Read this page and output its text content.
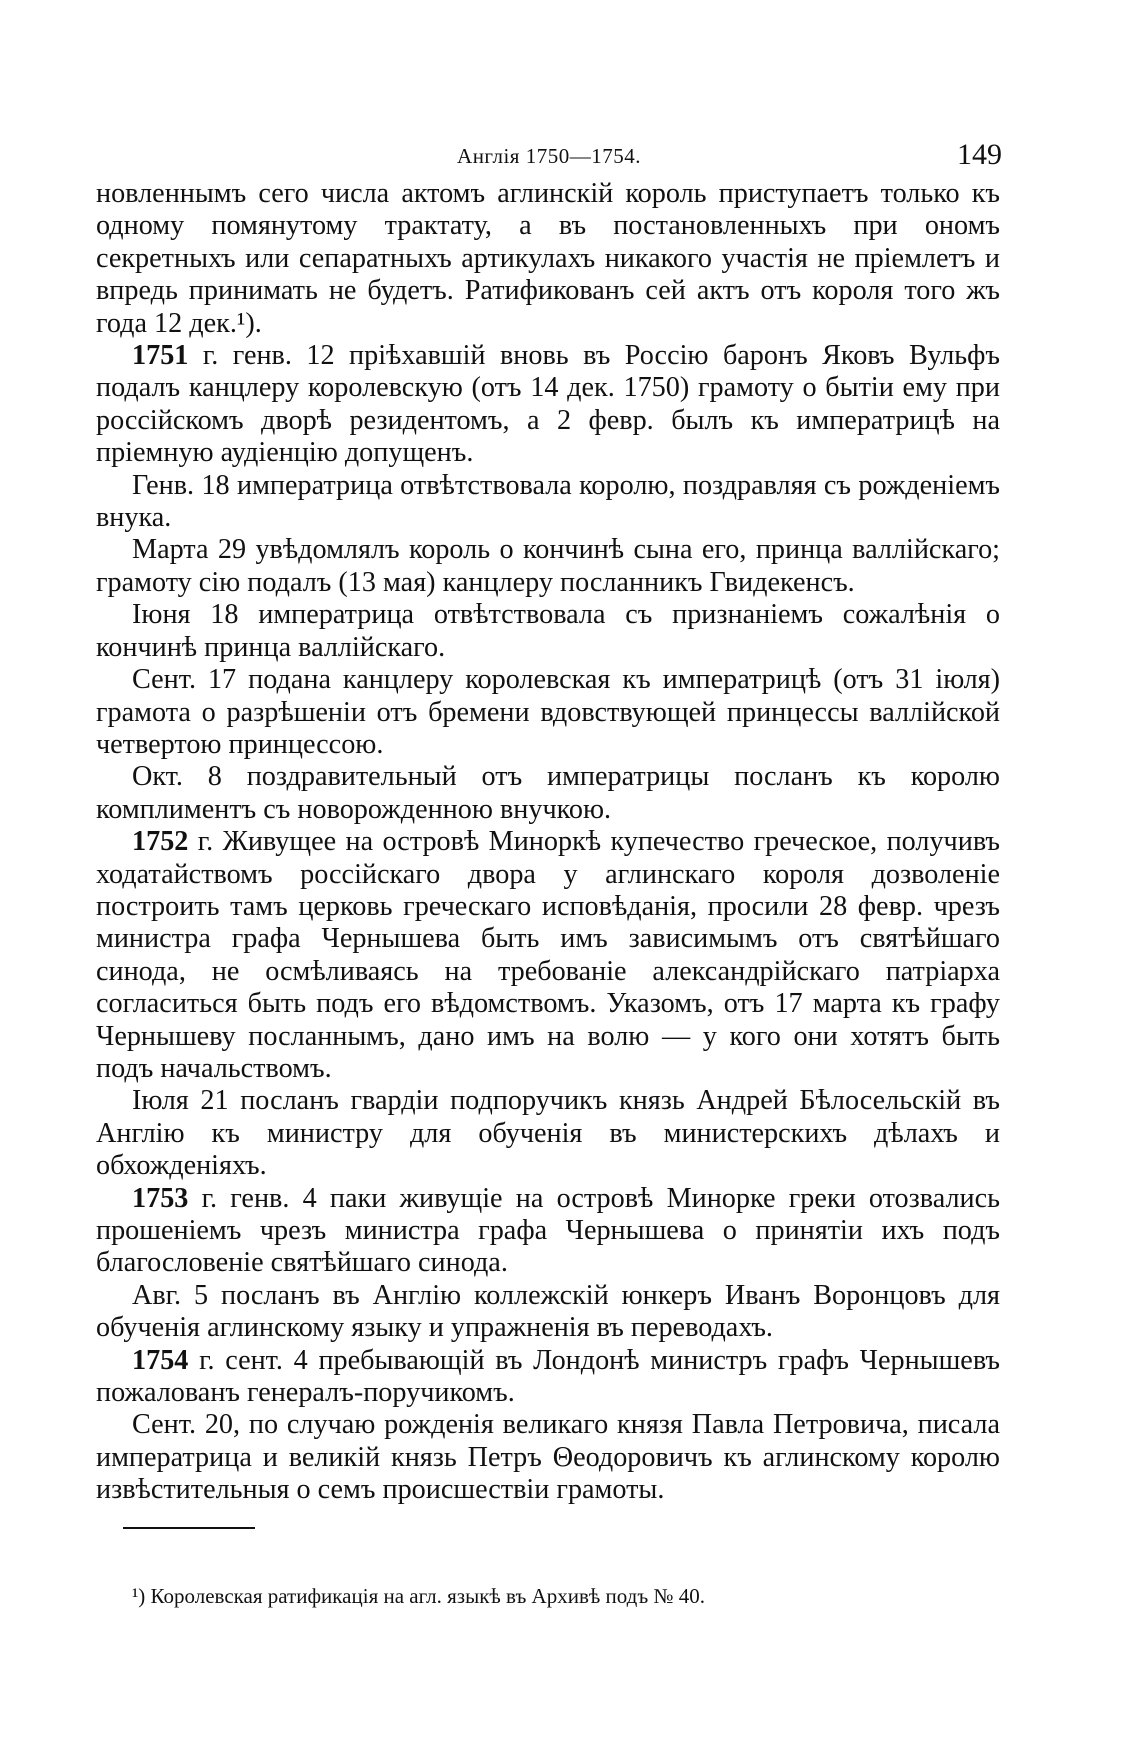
Англія 1750—1754.	149

новленнымъ сего числа актомъ аглинскій король приступаетъ только къ одному помянутому трактату, а въ постановленныхъ при ономъ секретныхъ или сепаратныхъ артикулахъ никакого участія не пріемлетъ и впредь принимать не будетъ. Ратификованъ сей актъ отъ короля того жъ года 12 дек.¹).

1751 г. генв. 12 пріѣхавшій вновь въ Россію баронъ Яковъ Вульфъ подалъ канцлеру королевскую (отъ 14 дек. 1750) грамоту о бытіи ему при россійскомъ дворѣ резидентомъ, а 2 февр. былъ къ императрицѣ на пріемную аудіенцію допущенъ.

Генв. 18 императрица отвѣтствовала королю, поздравляя съ рожденіемъ внука.

Марта 29 увѣдомлялъ король о кончинѣ сына его, принца валлійскаго; грамоту сію подалъ (13 мая) канцлеру посланникъ Гвидекенсъ.

Іюня 18 императрица отвѣтствовала съ признаніемъ сожалѣнія о кончинѣ принца валлійскаго.

Сент. 17 подана канцлеру королевская къ императрицѣ (отъ 31 іюля) грамота о разрѣшеніи отъ бремени вдовствующей принцессы валлійской четвертою принцессою.

Окт. 8 поздравительный отъ императрицы посланъ къ королю комплиментъ съ новорожденною внучкою.

1752 г. Живущее на островѣ Миноркѣ купечество греческое, получивъ ходатайствомъ россійскаго двора у аглинскаго короля дозволеніе построить тамъ церковь греческаго исповѣданія, просили 28 февр. чрезъ министра графа Чернышева быть имъ зависимымъ отъ святѣйшаго синода, не осмѣливаясь на требованіе александрійскаго патріарха согласиться быть подъ его вѣдомствомъ. Указомъ, отъ 17 марта къ графу Чернышеву посланнымъ, дано имъ на волю — у кого они хотятъ быть подъ начальствомъ.

Іюля 21 посланъ гвардіи подпоручикъ князь Андрей Бѣлосельскій въ Англію къ министру для обученія въ министерскихъ дѣлахъ и обхожденіяхъ.

1753 г. генв. 4 паки живущіе на островѣ Минорке греки отозвались прошеніемъ чрезъ министра графа Чернышева о принятіи ихъ подъ благословеніе святѣйшаго синода.

Авг. 5 посланъ въ Англію коллежскій юнкеръ Иванъ Воронцовъ для обученія аглинскому языку и упражненія въ переводахъ.

1754 г. сент. 4 пребывающій въ Лондонѣ министръ графъ Чернышевъ пожалованъ генералъ-поручикомъ.

Сент. 20, по случаю рожденія великаго князя Павла Петровича, писала императрица и великій князь Петръ Θеодоровичъ къ аглинскому королю извѣстительныя о семъ происшествіи грамоты.

¹) Королевская ратификація на агл. языкѣ въ Архивѣ подъ № 40.
